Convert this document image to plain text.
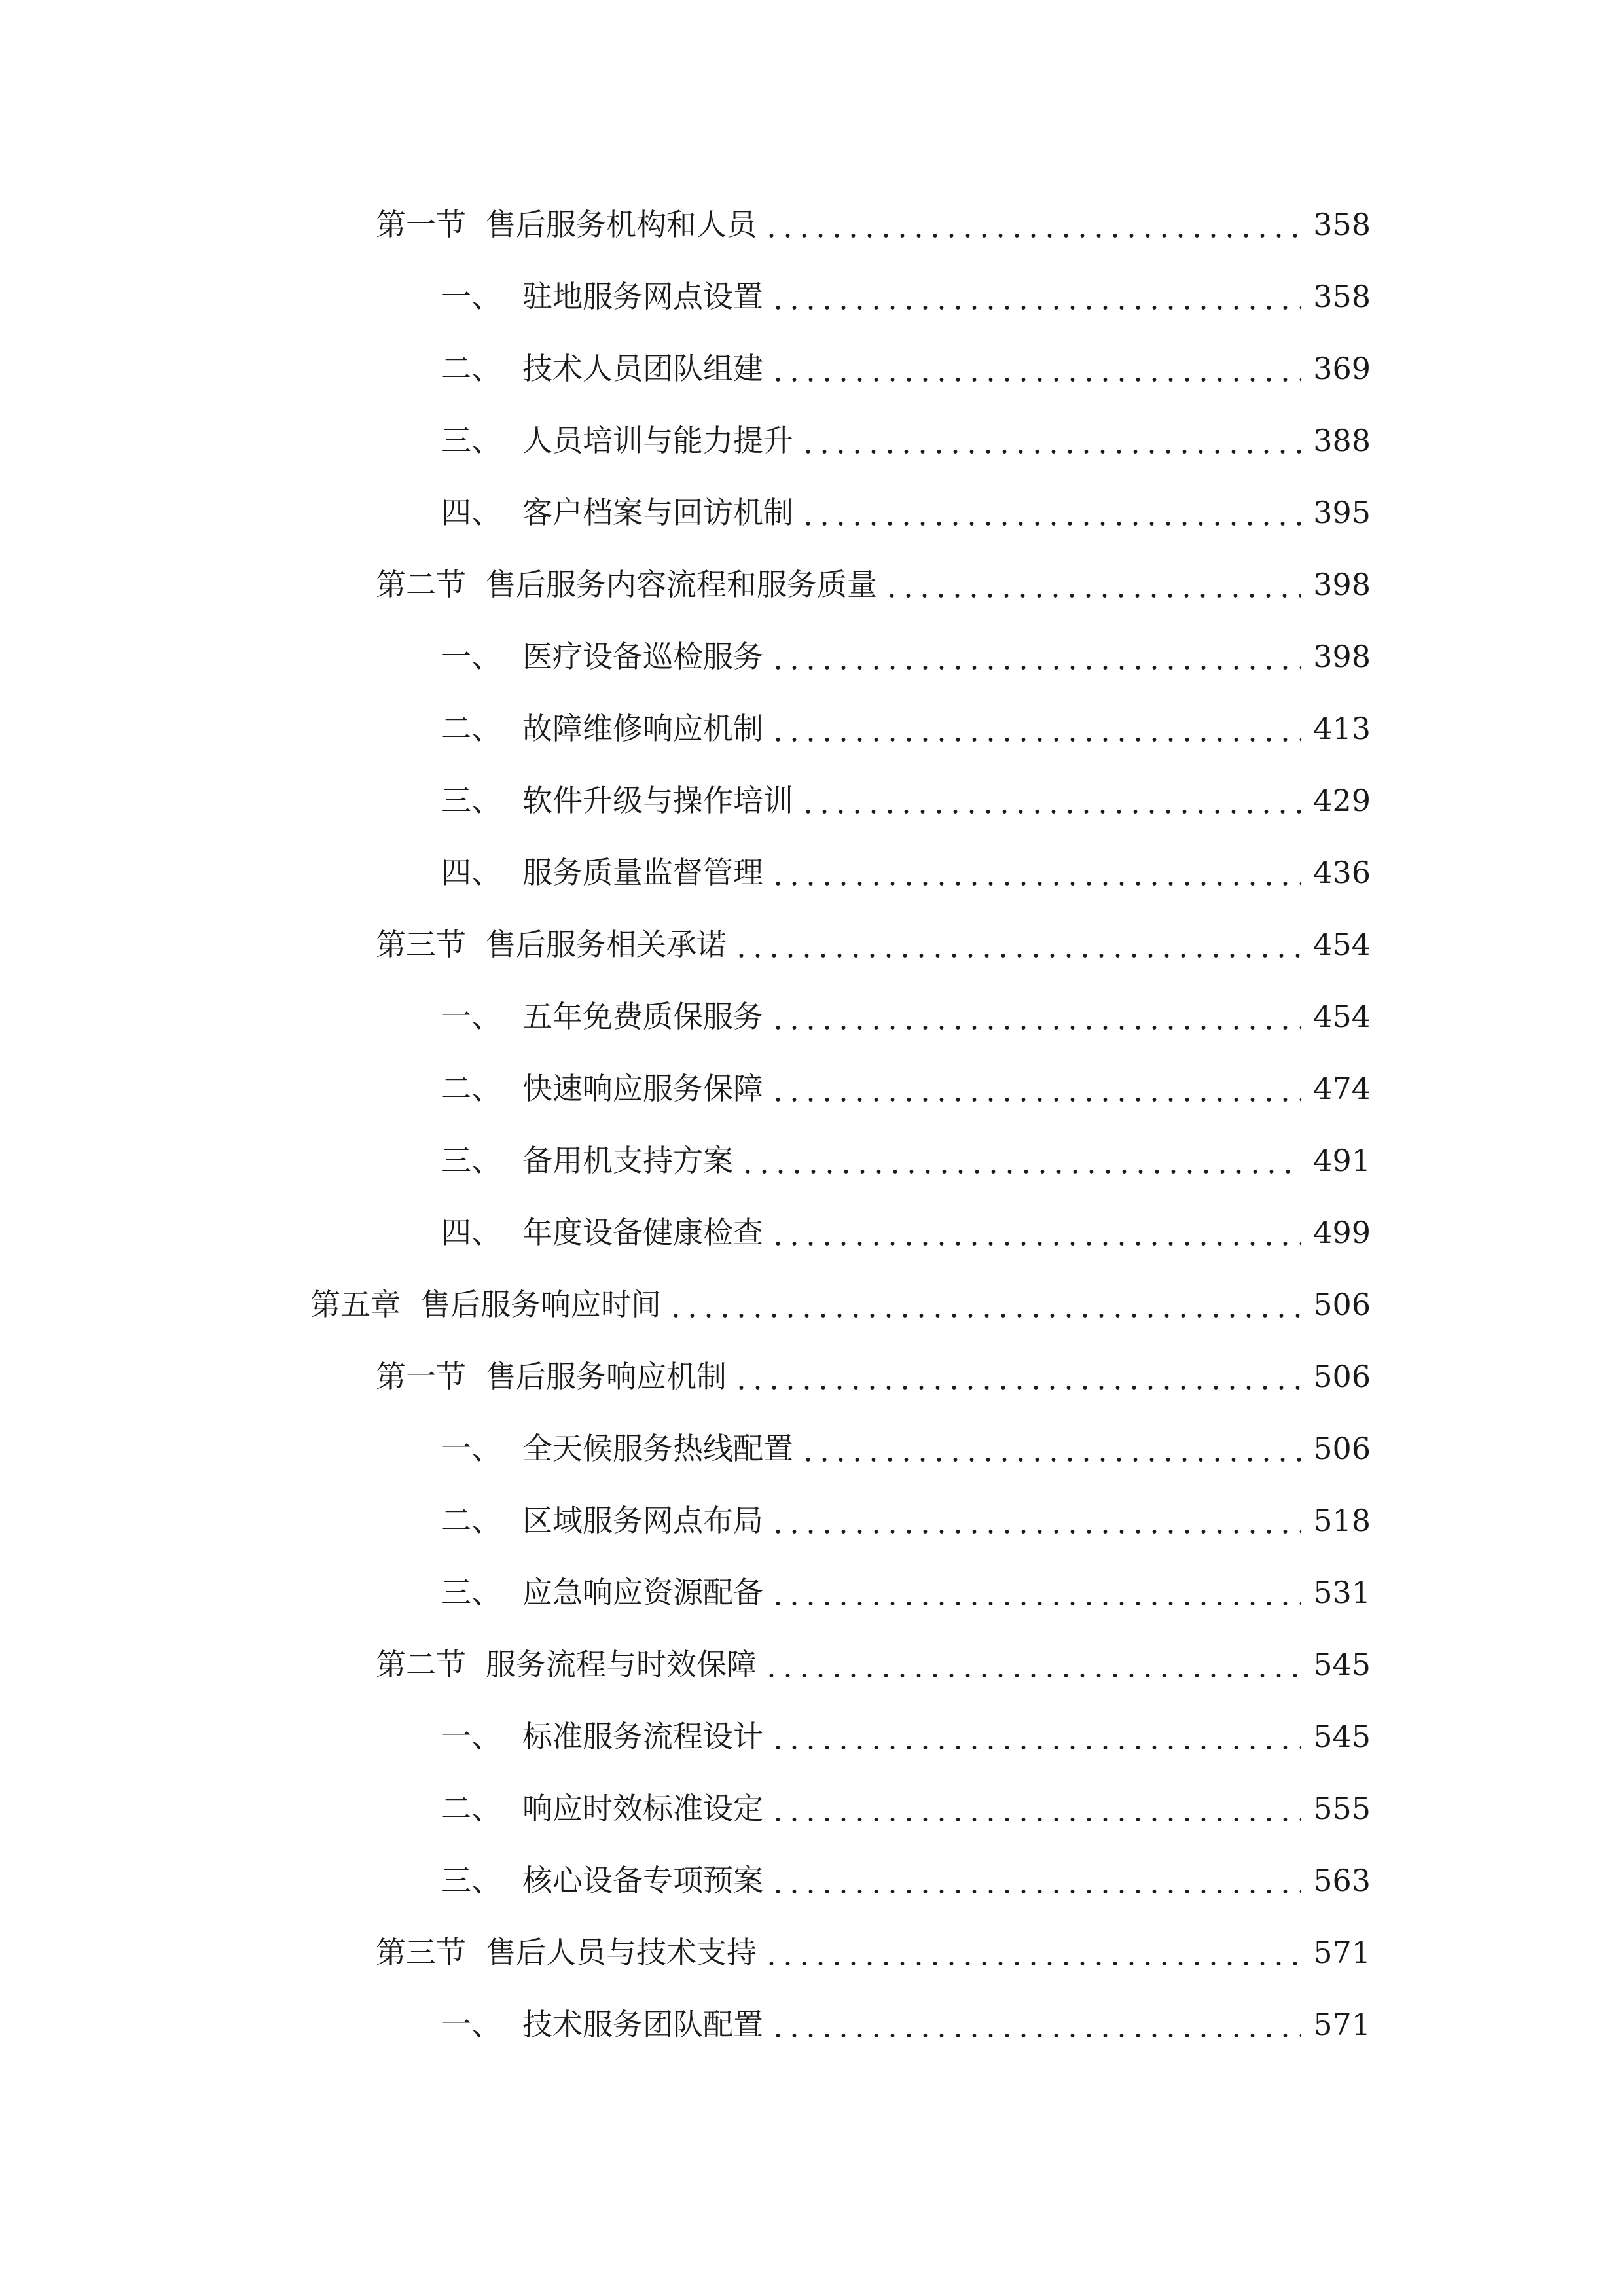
第一节 售后服务机构和人员	358
一、 驻地服务网点设置	358
二、 技术人员团队组建	369
三、 人员培训与能力提升	388
四、 客户档案与回访机制	395
第二节 售后服务内容流程和服务质量	398
一、 医疗设备巡检服务	398
二、 故障维修响应机制	413
三、 软件升级与操作培训	429
四、 服务质量监督管理	436
第三节 售后服务相关承诺	454
一、 五年免费质保服务	454
二、 快速响应服务保障	474
三、 备用机支持方案	491
四、 年度设备健康检查	499
第五章 售后服务响应时间	506
第一节 售后服务响应机制	506
一、 全天候服务热线配置	506
二、 区域服务网点布局	518
三、 应急响应资源配备	531
第二节 服务流程与时效保障	545
一、 标准服务流程设计	545
二、 响应时效标准设定	555
三、 核心设备专项预案	563
第三节 售后人员与技术支持	571
一、 技术服务团队配置	571
